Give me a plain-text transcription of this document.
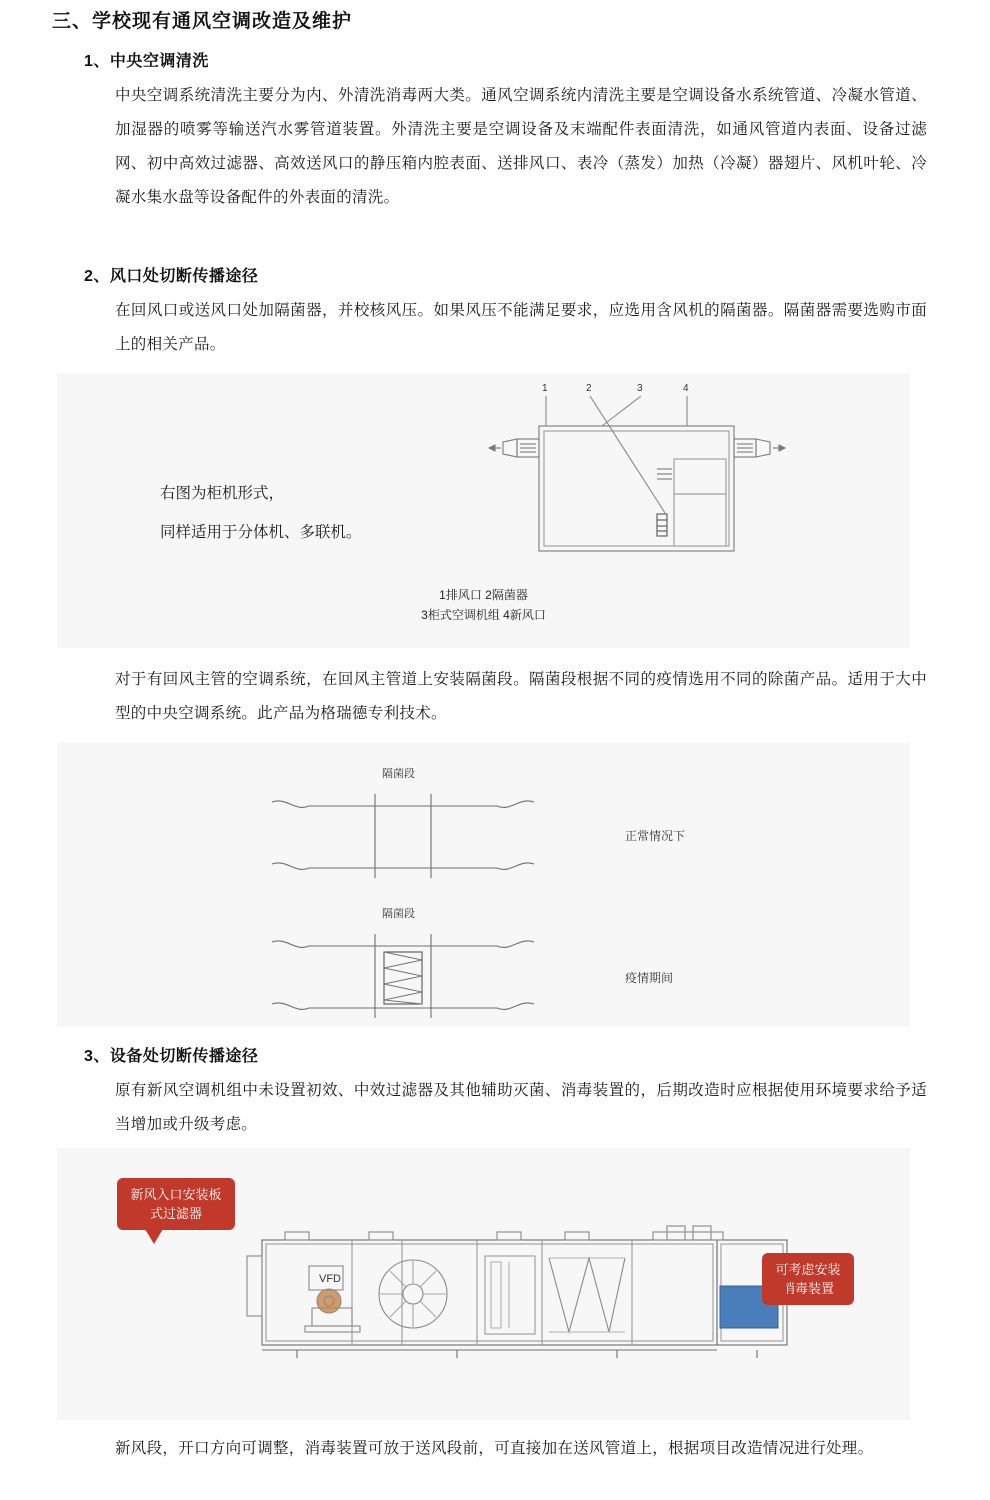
三、学校现有通风空调改造及维护
1、中央空调清洗
中央空调系统清洗主要分为内、外清洗消毒两大类。通风空调系统内清洗主要是空调设备水系统管道、冷凝水管道、加湿器的喷雾等输送汽水雾管道装置。外清洗主要是空调设备及末端配件表面清洗，如通风管道内表面、设备过滤网、初中高效过滤器、高效送风口的静压箱内腔表面、送排风口、表冷（蒸发）加热（冷凝）器翅片、风机叶轮、冷凝水集水盘等设备配件的外表面的清洗。
2、风口处切断传播途径
在回风口或送风口处加隔菌器，并校核风压。如果风压不能满足要求，应选用含风机的隔菌器。隔菌器需要选购市面上的相关产品。
右图为柜机形式，
同样适用于分体机、多联机。
1	2	3	4
1排风口 2隔菌器
3柜式空调机组 4新风口
对于有回风主管的空调系统，在回风主管道上安装隔菌段。隔菌段根据不同的疫情选用不同的除菌产品。适用于大中型的中央空调系统。此产品为格瑞德专利技术。
隔菌段
隔菌段
正常情况下
疫情期间
3、设备处切断传播途径
原有新风空调机组中未设置初效、中效过滤器及其他辅助灭菌、消毒装置的，后期改造时应根据使用环境要求给予适当增加或升级考虑。
VFD
新风入口安装板式过滤器
可考虑安装消毒装置
新风段，开口方向可调整，消毒装置可放于送风段前，可直接加在送风管道上，根据项目改造情况进行处理。
